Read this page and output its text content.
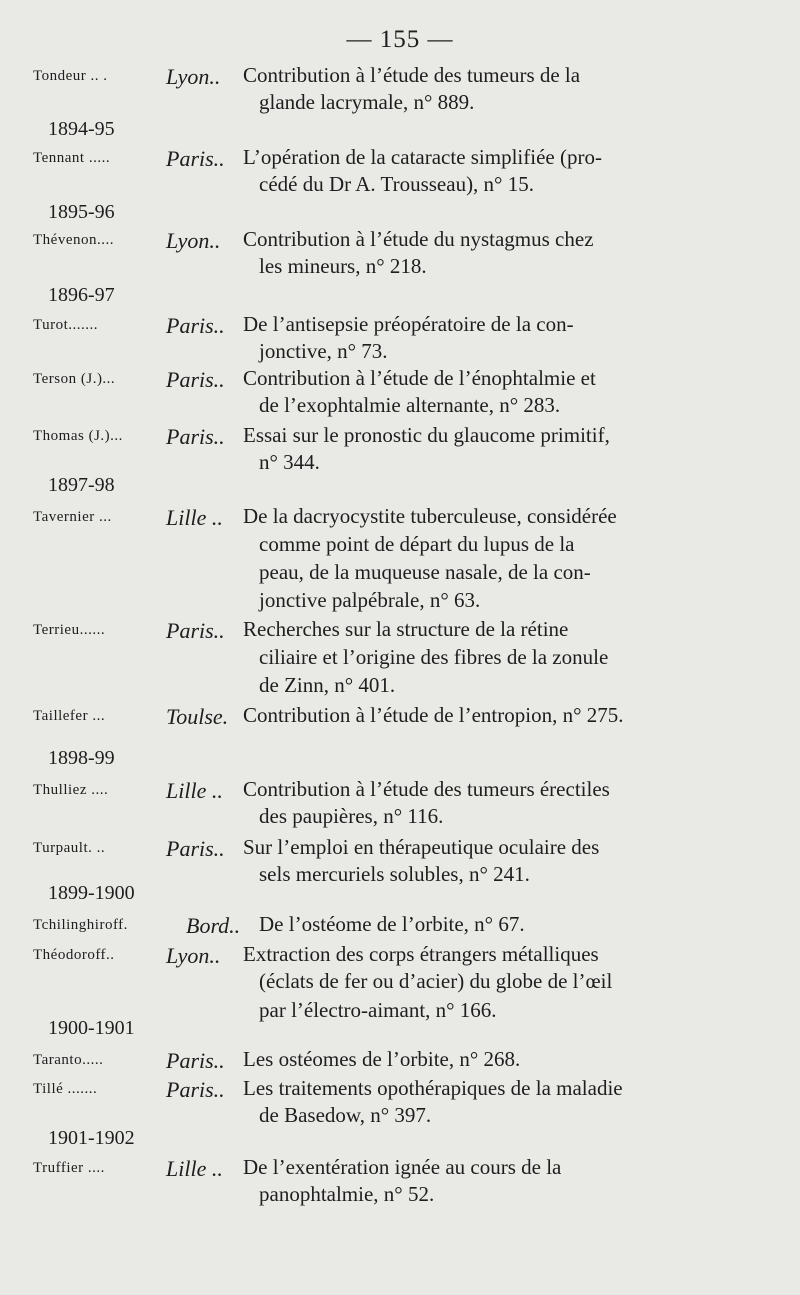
— 155 —
1894-95
1895-96
1896-97
1897-98
1898-99
1899-1900
1900-1901
1901-1902
Tondeur .. .	Lyon.. Contribution à l’étude des tumeurs de la
glande lacrymale, n° 889.
Tennant .....	Paris.. L’opération de la cataracte simplifiée (pro-
cédé du Dr A. Trousseau), n° 15.
Thévenon.... Lyon.. Contribution à l’étude du nystagmus chez
les mineurs, n° 218.
Turot.......	Paris.. De l’antisepsie préopératoire de la con-
jonctive, n° 73.
Terson (J.)... Paris.. Contribution à l’étude de l’énophtalmie et
de l’exophtalmie alternante, n° 283.
Thomas (J.)... Paris.. Essai sur le pronostic du glaucome primitif,
n° 344.
Tavernier ... Lille .. De la dacryocystite tuberculeuse, considérée
comme point de départ du lupus de la
peau, de la muqueuse nasale, de la con-
jonctive palpébrale, n° 63.
Terrieu......	Paris.. Recherches sur la structure de la rétine
ciliaire et l’origine des fibres de la zonule
de Zinn, n° 401.
Taillefer ...	Toulse. Contribution à l’étude de l’entropion, n° 275.
Thulliez ....	Lille .. Contribution à l’étude des tumeurs érectiles
des paupières, n° 116.
Turpault. ..	Paris.. Sur l’emploi en thérapeutique oculaire des
sels mercuriels solubles, n° 241.
Tchilinghiroff.	Bord.. De l’ostéome de l’orbite, n° 67.
Théodoroff.. Lyon.. Extraction des corps étrangers métalliques
(éclats de fer ou d’acier) du globe de l’œil
par l’électro-aimant, n° 166.
Taranto.....	Paris.. Les ostéomes de l’orbite, n° 268.
Tillé .......	Paris.. Les traitements opothérapiques de la maladie
de Basedow, n° 397.
Truffier ....	Lille .. De l’exentération ignée au cours de la
panophtalmie, n° 52.
